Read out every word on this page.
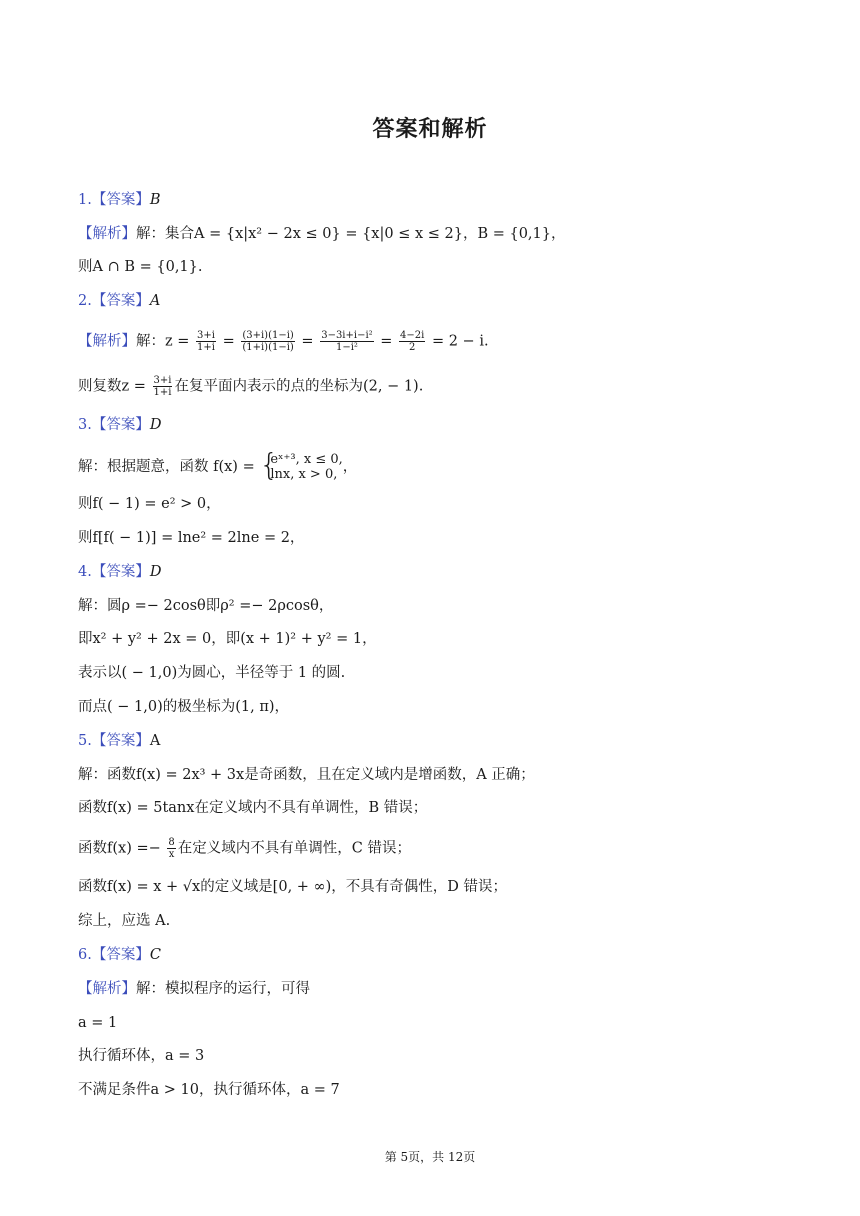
答案和解析
1.【答案】B
【解析】解：集合A = {x|x² − 2x ≤ 0} = {x|0 ≤ x ≤ 2}，B = {0,1}，
则A ∩ B = {0,1}.
2.【答案】A
【解析】解：$z = \frac{3+i}{1+i} = \frac{(3+i)(1-i)}{(1+i)(1-i)} = \frac{\text{3−3i+i−i²}}{\text{1−i²}} = \frac{4-2i}{2} = 2 - i$.
则复数$z = \frac{3+i}{1+i}$ 在复平面内表示的点的坐标为(2, − 1).
3.【答案】D
解：根据题意，函数 f(x) = {
eˣ⁺³, x ≤ 0,
lnx, x > 0, ，
则f( − 1) = e² > 0，
则f[f( − 1)] = lne² = 2lne = 2，
4.【答案】D
解：圆ρ =− 2cosθ即ρ² =− 2ρcosθ，
即x² + y² + 2x = 0，即(x + 1)² + y² = 1，
表示以( − 1,0)为圆心，半径等于 1 的圆.
而点( − 1,0)的极坐标为(1, π)，
5.【答案】A
解：函数f(x) = 2x³ + 3x是奇函数，且在定义域内是增函数，A 正确；
函数f(x) = 5tanx在定义域内不具有单调性，B 错误；
函数$f(x) =- \frac{8}{x}$ 在定义域内不具有单调性，C 错误；
函数f(x) = x + √x的定义域是[0, + ∞)，不具有奇偶性，D 错误；
综上，应选 A.
6.【答案】C
【解析】解：模拟程序的运行，可得
a = 1
执行循环体，a = 3
不满足条件a > 10，执行循环体，a = 7
第 5页，共 12页
